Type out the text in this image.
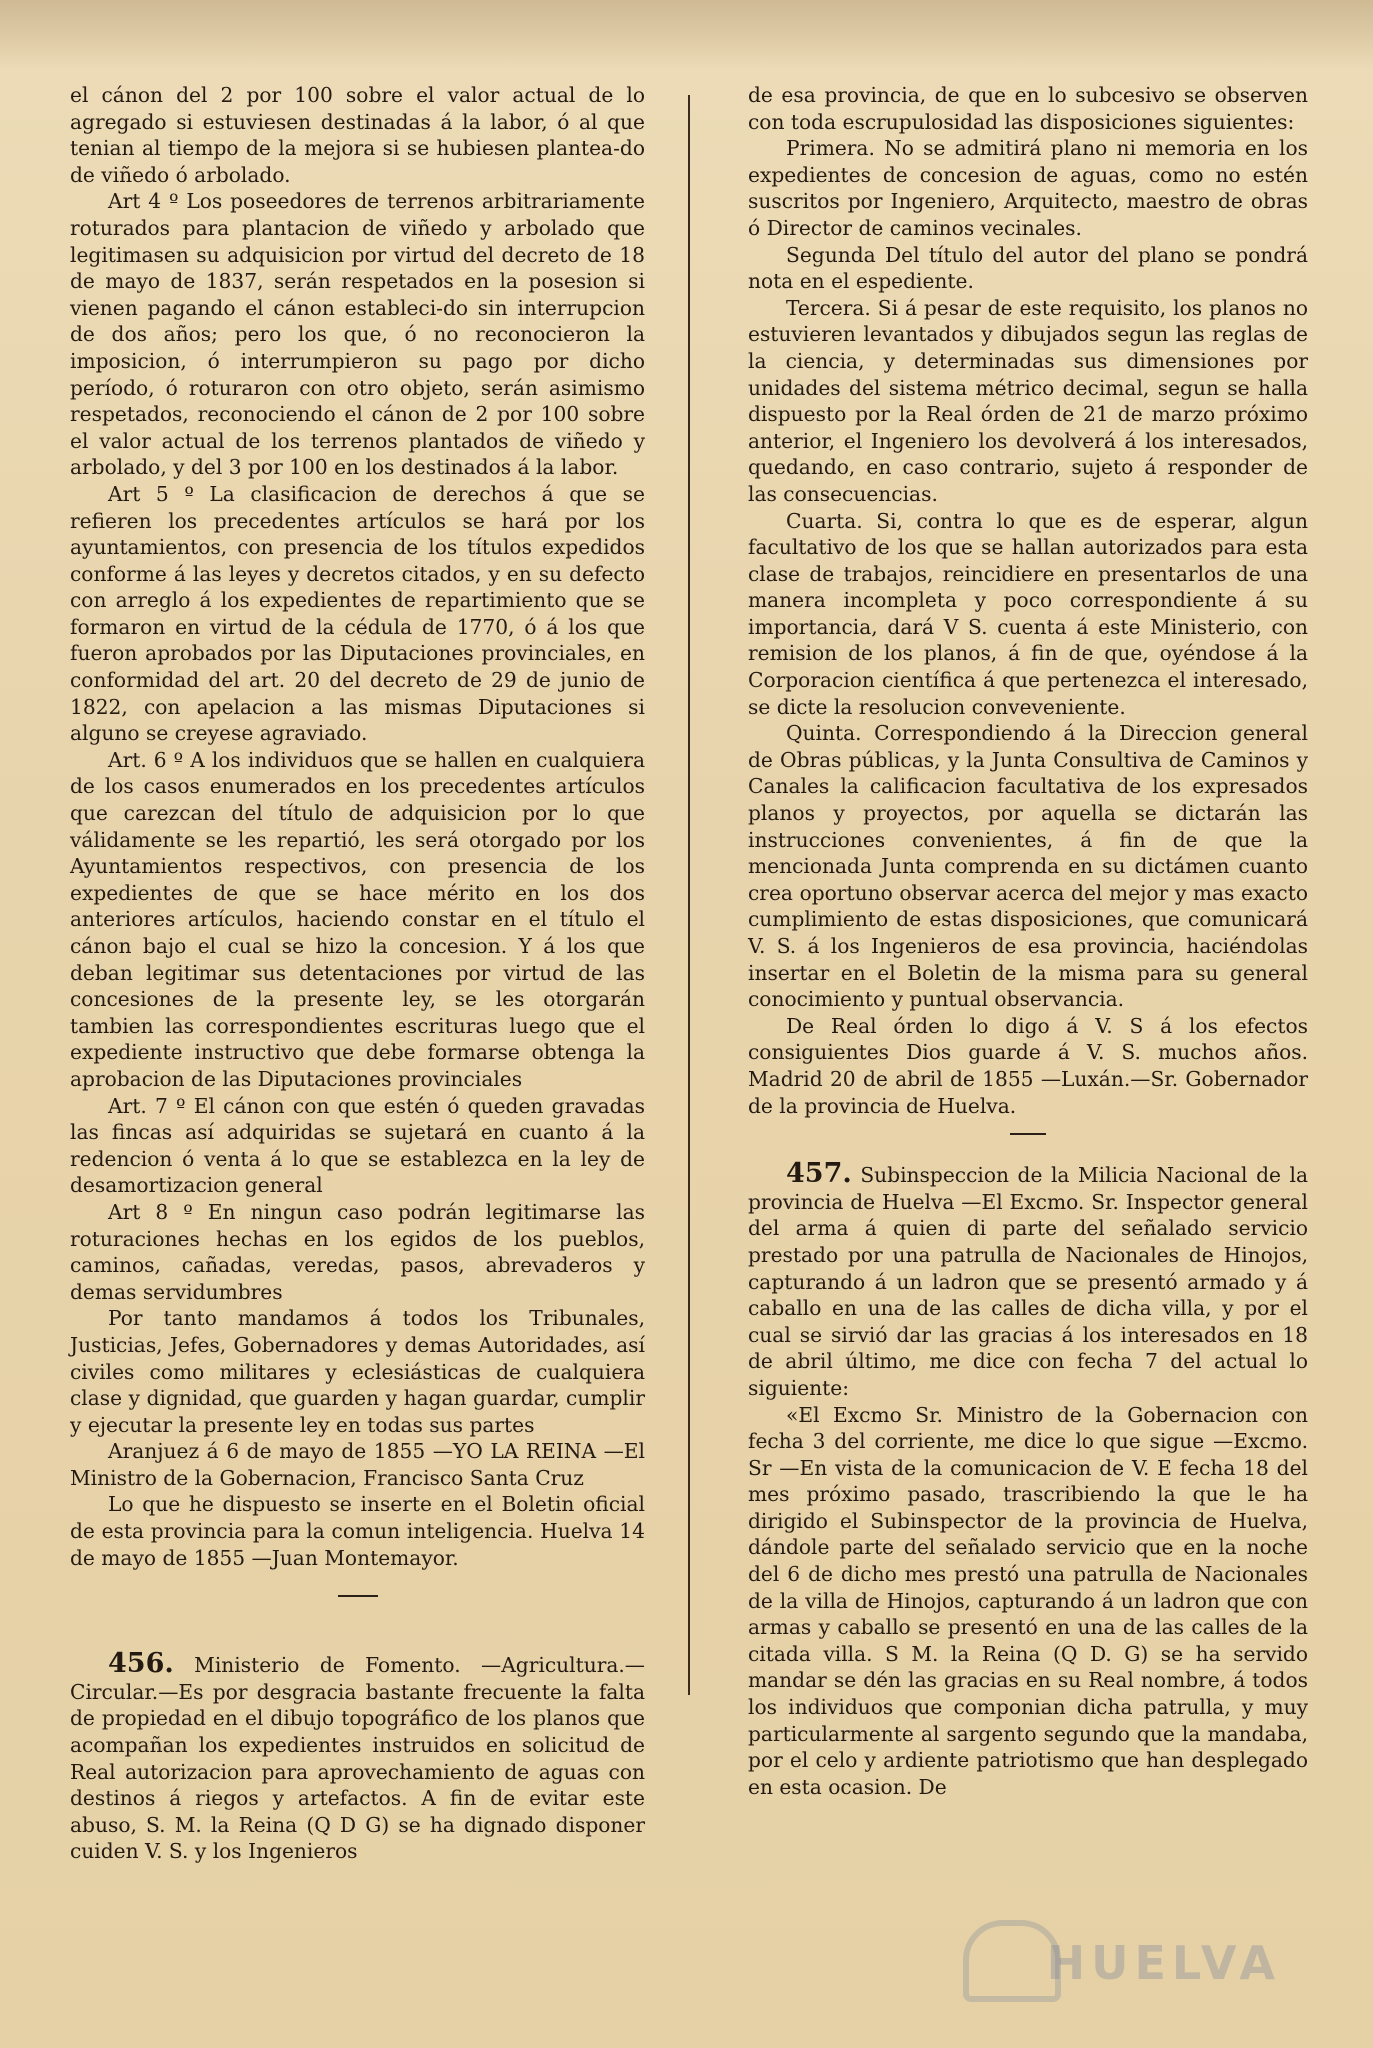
el cánon del 2 por 100 sobre el valor actual de lo agregado si estuviesen destinadas á la labor, ó al que tenian al tiempo de la mejora si se hubiesen plantea-do de viñedo ó arbolado.

Art 4 º Los poseedores de terrenos arbitrariamente roturados para plantacion de viñedo y arbolado que legitimasen su adquisicion por virtud del decreto de 18 de mayo de 1837, serán respetados en la posesion si vienen pagando el cánon estableci-do sin interrupcion de dos años; pero los que, ó no reconocieron la imposicion, ó interrumpieron su pago por dicho período, ó roturaron con otro objeto, serán asimismo respetados, reconociendo el cánon de 2 por 100 sobre el valor actual de los terrenos plantados de viñedo y arbolado, y del 3 por 100 en los destinados á la labor.

Art 5 º La clasificacion de derechos á que se refieren los precedentes artículos se hará por los ayuntamientos, con presencia de los títulos expedidos conforme á las leyes y decretos citados, y en su defecto con arreglo á los expedientes de repartimiento que se formaron en virtud de la cédula de 1770, ó á los que fueron aprobados por las Diputaciones provinciales, en conformidad del art. 20 del decreto de 29 de junio de 1822, con apelacion a las mismas Diputaciones si alguno se creyese agraviado.

Art. 6 º A los individuos que se hallen en cualquiera de los casos enumerados en los precedentes artículos que carezcan del título de adquisicion por lo que válidamente se les repartió, les será otorgado por los Ayuntamientos respectivos, con presencia de los expedientes de que se hace mérito en los dos anteriores artículos, haciendo constar en el título el cánon bajo el cual se hizo la concesion. Y á los que deban legitimar sus detentaciones por virtud de las concesiones de la presente ley, se les otorgarán tambien las correspondientes escrituras luego que el expediente instructivo que debe formarse obtenga la aprobacion de las Diputaciones provinciales

Art. 7 º El cánon con que estén ó queden gravadas las fincas así adquiridas se sujetará en cuanto á la redencion ó venta á lo que se establezca en la ley de desamortizacion general

Art 8 º En ningun caso podrán legitimarse las roturaciones hechas en los egidos de los pueblos, caminos, cañadas, veredas, pasos, abrevaderos y demas servidumbres

Por tanto mandamos á todos los Tribunales, Justicias, Jefes, Gobernadores y demas Autoridades, así civiles como militares y eclesiásticas de cualquiera clase y dignidad, que guarden y hagan guardar, cumplir y ejecutar la presente ley en todas sus partes

Aranjuez á 6 de mayo de 1855 —YO LA REINA —El Ministro de la Gobernacion, Francisco Santa Cruz

Lo que he dispuesto se inserte en el Boletin oficial de esta provincia para la comun inteligencia. Huelva 14 de mayo de 1855 —Juan Montemayor.

456. Ministerio de Fomento. —Agricultura.— Circular.—Es por desgracia bastante frecuente la falta de propiedad en el dibujo topográfico de los planos que acompañan los expedientes instruidos en solicitud de Real autorizacion para aprovechamiento de aguas con destinos á riegos y artefactos. A fin de evitar este abuso, S. M. la Reina (Q D G) se ha dignado disponer cuiden V. S. y los Ingenieros

de esa provincia, de que en lo subcesivo se observen con toda escrupulosidad las disposiciones siguientes:

Primera. No se admitirá plano ni memoria en los expedientes de concesion de aguas, como no estén suscritos por Ingeniero, Arquitecto, maestro de obras ó Director de caminos vecinales.

Segunda Del título del autor del plano se pondrá nota en el espediente.

Tercera. Si á pesar de este requisito, los planos no estuvieren levantados y dibujados segun las reglas de la ciencia, y determinadas sus dimensiones por unidades del sistema métrico decimal, segun se halla dispuesto por la Real órden de 21 de marzo próximo anterior, el Ingeniero los devolverá á los interesados, quedando, en caso contrario, sujeto á responder de las consecuencias.

Cuarta. Si, contra lo que es de esperar, algun facultativo de los que se hallan autorizados para esta clase de trabajos, reincidiere en presentarlos de una manera incompleta y poco correspondiente á su importancia, dará V S. cuenta á este Ministerio, con remision de los planos, á fin de que, oyéndose á la Corporacion científica á que pertenezca el interesado, se dicte la resolucion conveveniente.

Quinta. Correspondiendo á la Direccion general de Obras públicas, y la Junta Consultiva de Caminos y Canales la calificacion facultativa de los expresados planos y proyectos, por aquella se dictarán las instrucciones convenientes, á fin de que la mencionada Junta comprenda en su dictámen cuanto crea oportuno observar acerca del mejor y mas exacto cumplimiento de estas disposiciones, que comunicará V. S. á los Ingenieros de esa provincia, haciéndolas insertar en el Boletin de la misma para su general conocimiento y puntual observancia.

De Real órden lo digo á V. S á los efectos consiguientes Dios guarde á V. S. muchos años. Madrid 20 de abril de 1855 —Luxán.—Sr. Gobernador de la provincia de Huelva.

457. Subinspeccion de la Milicia Nacional de la provincia de Huelva —El Excmo. Sr. Inspector general del arma á quien di parte del señalado servicio prestado por una patrulla de Nacionales de Hinojos, capturando á un ladron que se presentó armado y á caballo en una de las calles de dicha villa, y por el cual se sirvió dar las gracias á los interesados en 18 de abril último, me dice con fecha 7 del actual lo siguiente:

«El Excmo Sr. Ministro de la Gobernacion con fecha 3 del corriente, me dice lo que sigue —Excmo. Sr —En vista de la comunicacion de V. E fecha 18 del mes próximo pasado, trascribiendo la que le ha dirigido el Subinspector de la provincia de Huelva, dándole parte del señalado servicio que en la noche del 6 de dicho mes prestó una patrulla de Nacionales de la villa de Hinojos, capturando á un ladron que con armas y caballo se presentó en una de las calles de la citada villa. S M. la Reina (Q D. G) se ha servido mandar se dén las gracias en su Real nombre, á todos los individuos que componian dicha patrulla, y muy particularmente al sargento segundo que la mandaba, por el celo y ardiente patriotismo que han desplegado en esta ocasion. De

HUELVA
